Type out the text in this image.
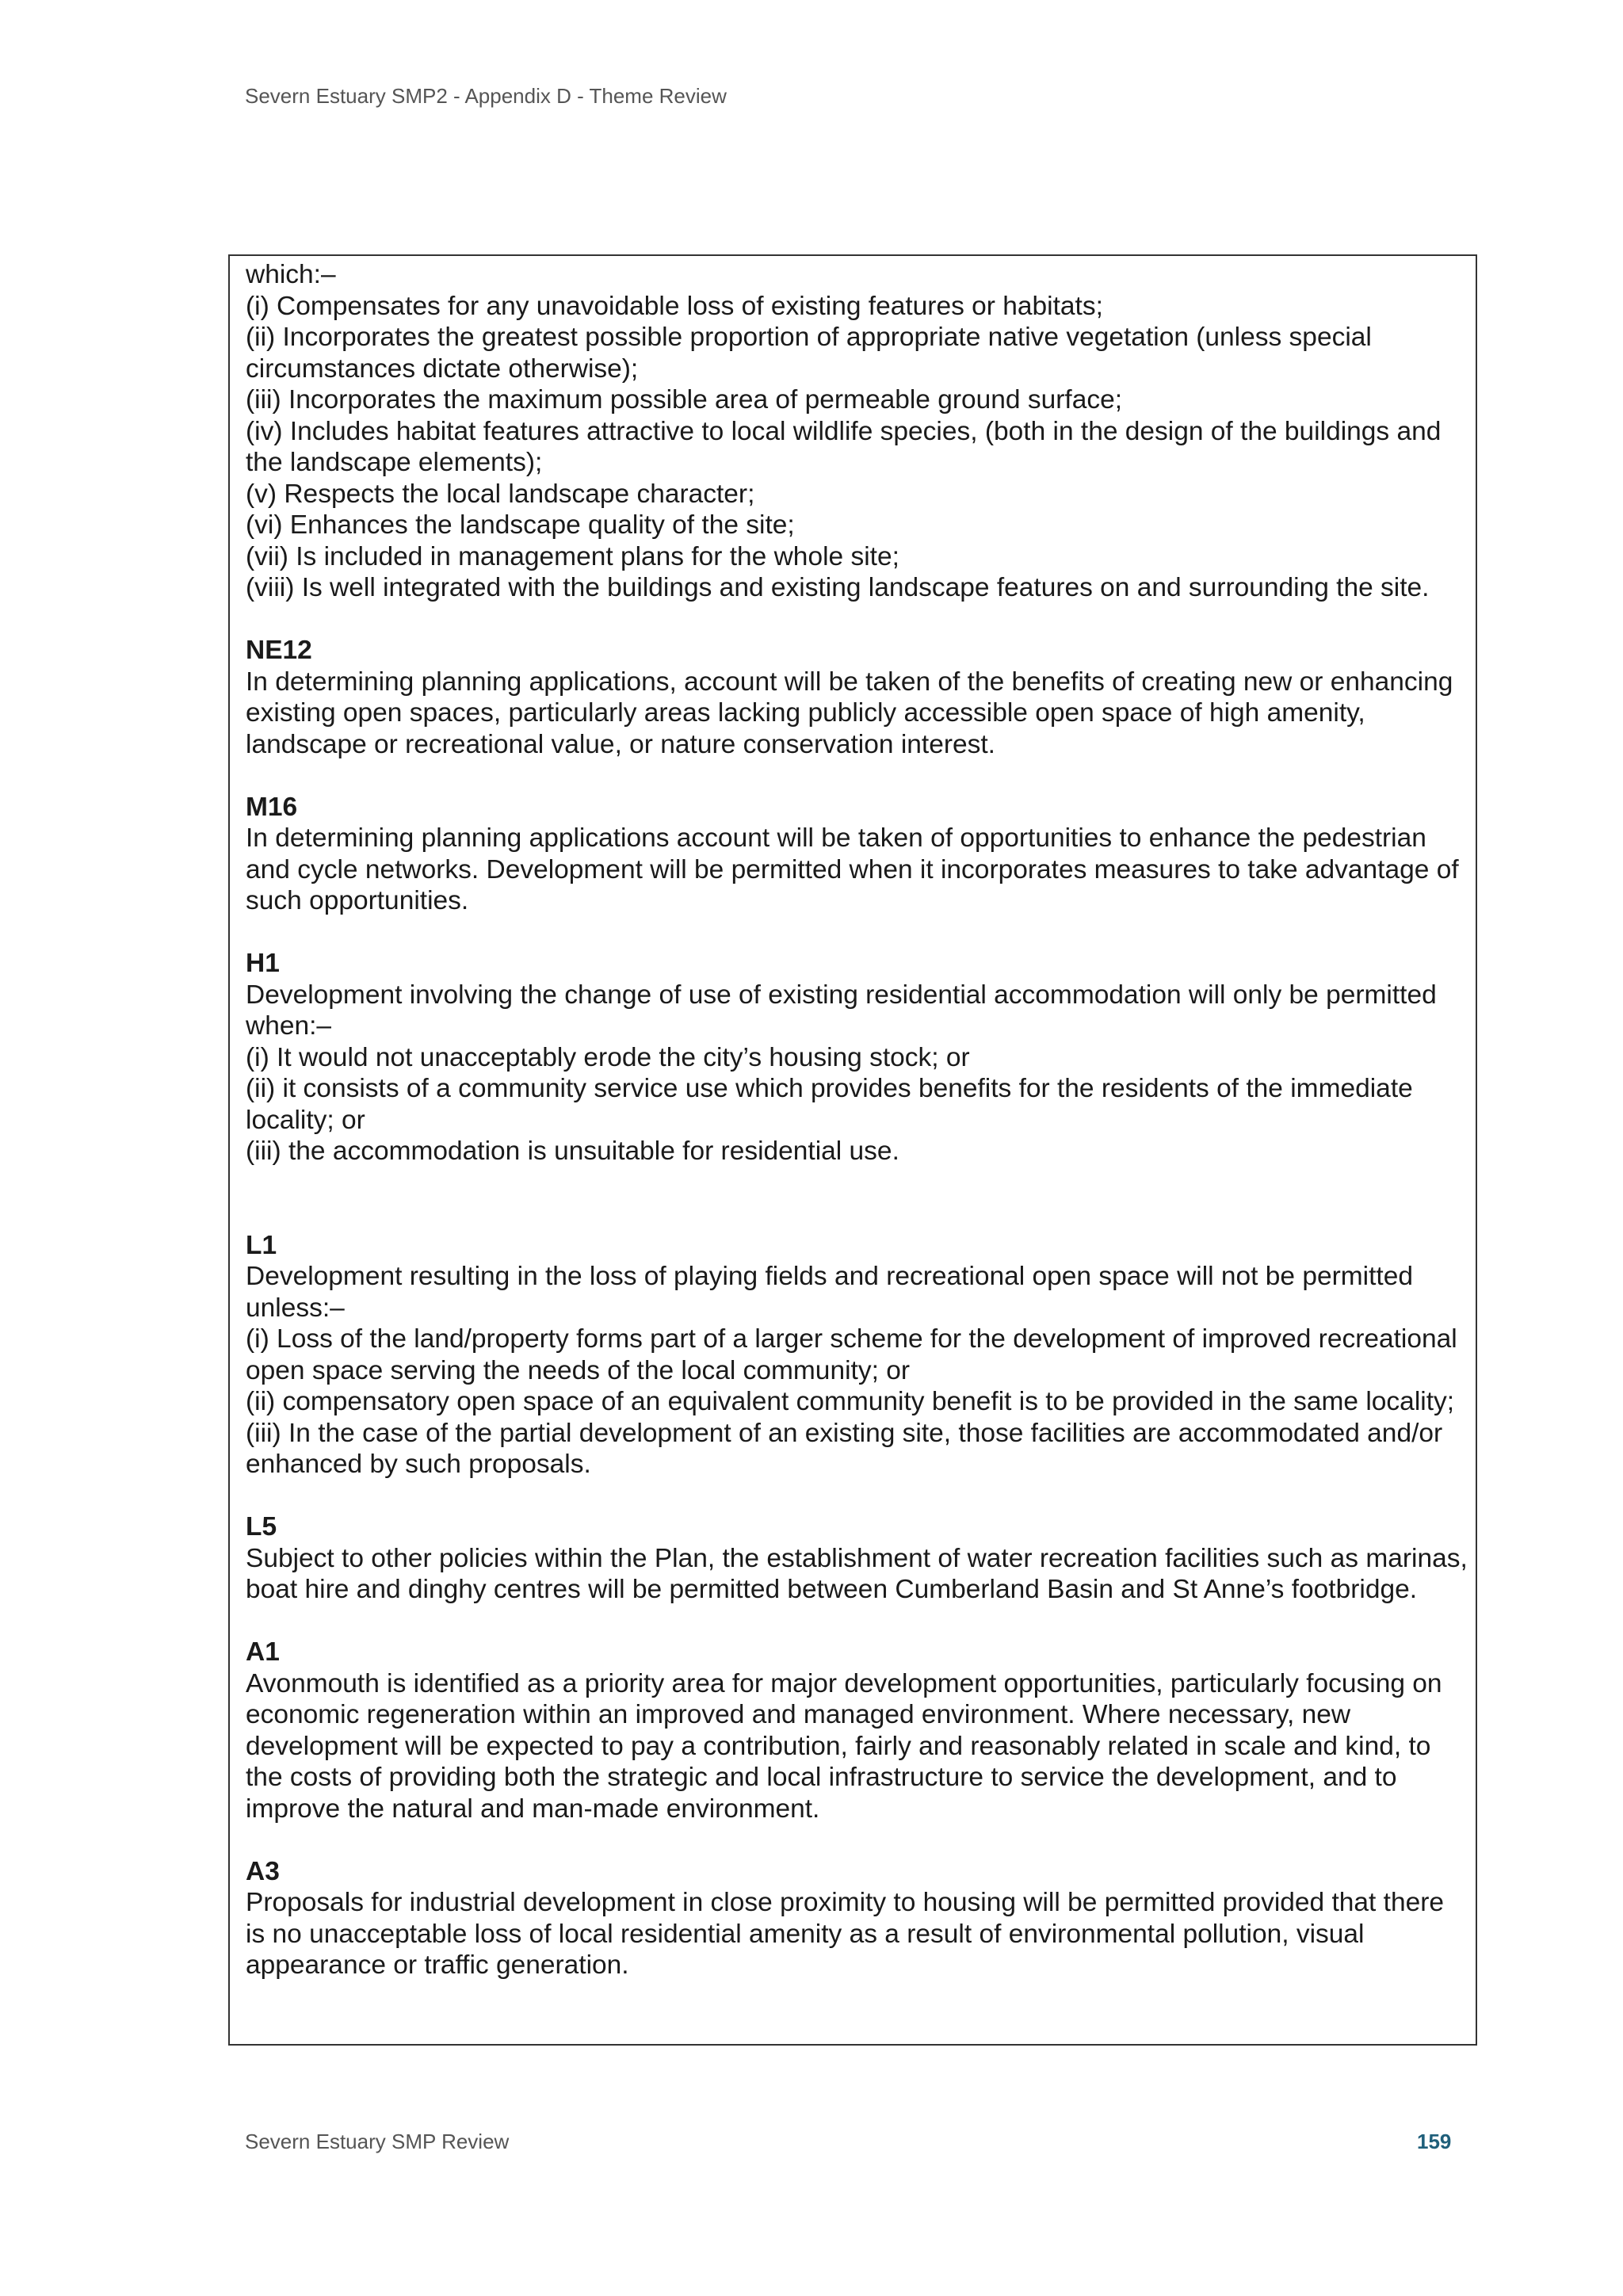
Severn Estuary SMP2 - Appendix D - Theme Review

which:–

(i) Compensates for any unavoidable loss of existing features or habitats;

(ii) Incorporates the greatest possible proportion of appropriate native vegetation (unless special circumstances dictate otherwise);

(iii) Incorporates the maximum possible area of permeable ground surface;

(iv) Includes habitat features attractive to local wildlife species, (both in the design of the buildings and the landscape elements);

(v) Respects the local landscape character;

(vi) Enhances the landscape quality of the site;

(vii) Is included in management plans for the whole site;

(viii) Is well integrated with the buildings and existing landscape features on and surrounding the site.

NE12

In determining planning applications, account will be taken of the benefits of creating new or enhancing existing open spaces, particularly areas lacking publicly accessible open space of high amenity, landscape or recreational value, or nature conservation interest.

M16

In determining planning applications account will be taken of opportunities to enhance the pedestrian and cycle networks. Development will be permitted when it incorporates measures to take advantage of such opportunities.

H1

Development involving the change of use of existing residential accommodation will only be permitted when:–

(i) It would not unacceptably erode the city’s housing stock; or

(ii) it consists of a community service use which provides benefits for the residents of the immediate locality; or

(iii) the accommodation is unsuitable for residential use.

L1

Development resulting in the loss of playing fields and recreational open space will not be permitted unless:–

(i) Loss of the land/property forms part of a larger scheme for the development of improved recreational open space serving the needs of the local community; or

(ii) compensatory open space of an equivalent community benefit is to be provided in the same locality;

(iii) In the case of the partial development of an existing site, those facilities are accommodated and/or enhanced by such proposals.

L5

Subject to other policies within the Plan, the establishment of water recreation facilities such as marinas, boat hire and dinghy centres will be permitted between Cumberland Basin and St Anne’s footbridge.

A1

Avonmouth is identified as a priority area for major development opportunities, particularly focusing on economic regeneration within an improved and managed environment. Where necessary, new development will be expected to pay a contribution, fairly and reasonably related in scale and kind, to the costs of providing both the strategic and local infrastructure to service the development, and to improve the natural and man-made environment.

A3

Proposals for industrial development in close proximity to housing will be permitted provided that there is no unacceptable loss of local residential amenity as a result of environmental pollution, visual appearance or traffic generation.

Severn Estuary SMP Review	159
